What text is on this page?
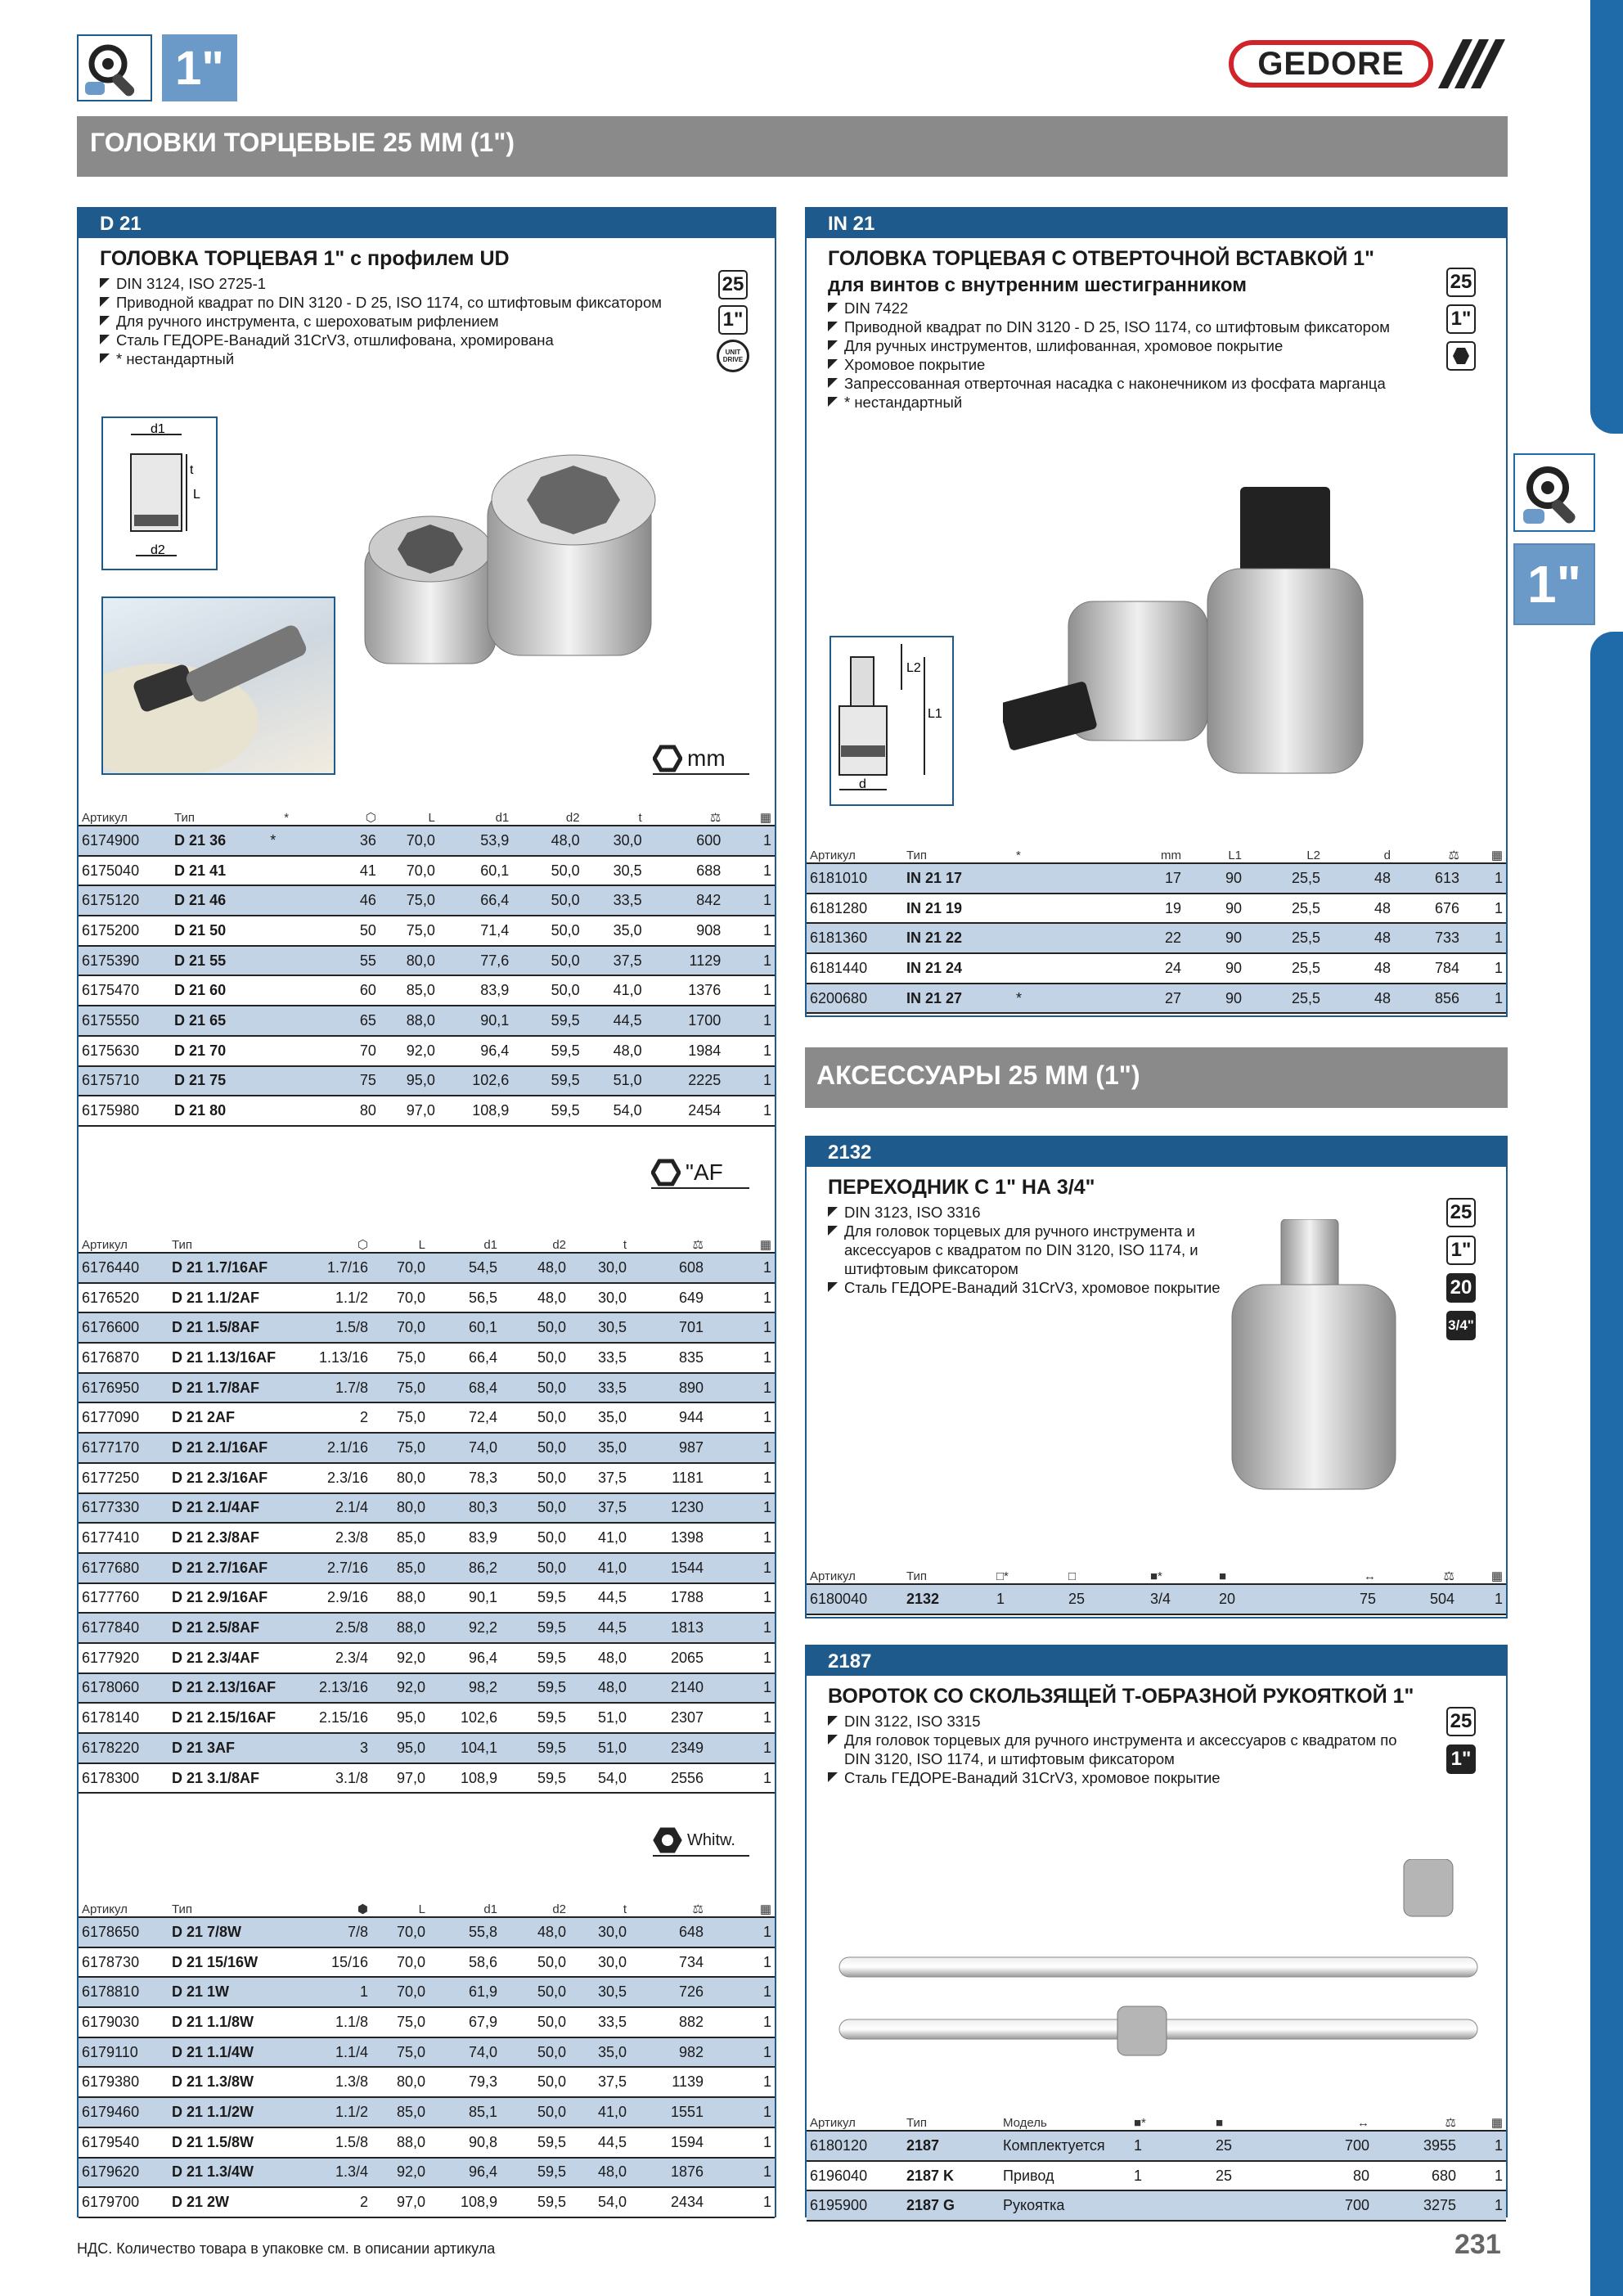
1"
1"	GEDORE
ГОЛОВКИ ТОРЦЕВЫЕ 25 MM (1")
D 21
ГОЛОВКА ТОРЦЕВАЯ 1" с профилем UD
DIN 3124, ISO 2725-1
Приводной квадрат по DIN 3120 - D 25, ISO 1174, со штифтовым фиксатором
Для ручного инструмента, с шероховатым рифлением
Сталь ГЕДОРЕ-Ванадий 31CrV3, отшлифована, хромирована
* нестандартный
25
1"
UNIT DRIVE
d1
d2
t
L
mm
Артикул	Тип	*	⬡	L	d1	d2	t	⚖	▦
6174900	D 21 36	*	36	70,0	53,9	48,0	30,0	600	1
6175040	D 21 41		41	70,0	60,1	50,0	30,5	688	1
6175120	D 21 46		46	75,0	66,4	50,0	33,5	842	1
6175200	D 21 50		50	75,0	71,4	50,0	35,0	908	1
6175390	D 21 55		55	80,0	77,6	50,0	37,5	1129	1
6175470	D 21 60		60	85,0	83,9	50,0	41,0	1376	1
6175550	D 21 65		65	88,0	90,1	59,5	44,5	1700	1
6175630	D 21 70		70	92,0	96,4	59,5	48,0	1984	1
6175710	D 21 75		75	95,0	102,6	59,5	51,0	2225	1
6175980	D 21 80		80	97,0	108,9	59,5	54,0	2454	1
"AF
Артикул	Тип	⬡	L	d1	d2	t	⚖	▦
6176440	D 21 1.7/16AF	1.7/16	70,0	54,5	48,0	30,0	608	1
6176520	D 21 1.1/2AF	1.1/2	70,0	56,5	48,0	30,0	649	1
6176600	D 21 1.5/8AF	1.5/8	70,0	60,1	50,0	30,5	701	1
6176870	D 21 1.13/16AF	1.13/16	75,0	66,4	50,0	33,5	835	1
6176950	D 21 1.7/8AF	1.7/8	75,0	68,4	50,0	33,5	890	1
6177090	D 21 2AF	2	75,0	72,4	50,0	35,0	944	1
6177170	D 21 2.1/16AF	2.1/16	75,0	74,0	50,0	35,0	987	1
6177250	D 21 2.3/16AF	2.3/16	80,0	78,3	50,0	37,5	1181	1
6177330	D 21 2.1/4AF	2.1/4	80,0	80,3	50,0	37,5	1230	1
6177410	D 21 2.3/8AF	2.3/8	85,0	83,9	50,0	41,0	1398	1
6177680	D 21 2.7/16AF	2.7/16	85,0	86,2	50,0	41,0	1544	1
6177760	D 21 2.9/16AF	2.9/16	88,0	90,1	59,5	44,5	1788	1
6177840	D 21 2.5/8AF	2.5/8	88,0	92,2	59,5	44,5	1813	1
6177920	D 21 2.3/4AF	2.3/4	92,0	96,4	59,5	48,0	2065	1
6178060	D 21 2.13/16AF	2.13/16	92,0	98,2	59,5	48,0	2140	1
6178140	D 21 2.15/16AF	2.15/16	95,0	102,6	59,5	51,0	2307	1
6178220	D 21 3AF	3	95,0	104,1	59,5	51,0	2349	1
6178300	D 21 3.1/8AF	3.1/8	97,0	108,9	59,5	54,0	2556	1
Whitw.
Артикул	Тип	⬢	L	d1	d2	t	⚖	▦
6178650	D 21 7/8W	7/8	70,0	55,8	48,0	30,0	648	1
6178730	D 21 15/16W	15/16	70,0	58,6	50,0	30,0	734	1
6178810	D 21 1W	1	70,0	61,9	50,0	30,5	726	1
6179030	D 21 1.1/8W	1.1/8	75,0	67,9	50,0	33,5	882	1
6179110	D 21 1.1/4W	1.1/4	75,0	74,0	50,0	35,0	982	1
6179380	D 21 1.3/8W	1.3/8	80,0	79,3	50,0	37,5	1139	1
6179460	D 21 1.1/2W	1.1/2	85,0	85,1	50,0	41,0	1551	1
6179540	D 21 1.5/8W	1.5/8	88,0	90,8	59,5	44,5	1594	1
6179620	D 21 1.3/4W	1.3/4	92,0	96,4	59,5	48,0	1876	1
6179700	D 21 2W	2	97,0	108,9	59,5	54,0	2434	1
IN 21
ГОЛОВКА ТОРЦЕВАЯ С ОТВЕРТОЧНОЙ ВСТАВКОЙ 1"
для винтов с внутренним шестигранником
DIN 7422
Приводной квадрат по DIN 3120 - D 25, ISO 1174, со штифтовым фиксатором
Для ручных инструментов, шлифованная, хромовое покрытие
Хромовое покрытие
Запрессованная отверточная насадка с наконечником из фосфата марганца
* нестандартный
25
1"
L2
L1
d
Артикул	Тип	*	mm	L1	L2	d	⚖	▦
6181010	IN 21 17		17	90	25,5	48	613	1
6181280	IN 21 19		19	90	25,5	48	676	1
6181360	IN 21 22		22	90	25,5	48	733	1
6181440	IN 21 24		24	90	25,5	48	784	1
6200680	IN 21 27	*	27	90	25,5	48	856	1
АКСЕССУАРЫ 25 MM (1")
2132
ПЕРЕХОДНИК С 1" НА 3/4"
DIN 3123, ISO 3316
Для головок торцевых для ручного инструмента и аксессуаров с квадратом по DIN 3120, ISO 1174, и штифтовым фиксатором
Сталь ГЕДОРЕ-Ванадий 31CrV3, хромовое покрытие
25
1"
20
3/4"
Артикул	Тип	□*	□	■*	■	↔	⚖	▦
6180040	2132	1	25	3/4	20	75	504	1
2187
ВОРОТОК СО СКОЛЬЗЯЩЕЙ Т-ОБРАЗНОЙ РУКОЯТКОЙ 1"
DIN 3122, ISO 3315
Для головок торцевых для ручного инструмента и аксессуаров с квадратом по DIN 3120, ISO 1174, и штифтовым фиксатором
Сталь ГЕДОРЕ-Ванадий 31CrV3, хромовое покрытие
25
1"
Артикул	Тип	Модель	■*	■	↔	⚖	▦
6180120	2187	Комплектуется	1	25	700	3955	1
6196040	2187 K	Привод	1	25	80	680	1
6195900	2187 G	Рукоятка			700	3275	1
НДС. Количество товара в упаковке см. в описании артикула	231
